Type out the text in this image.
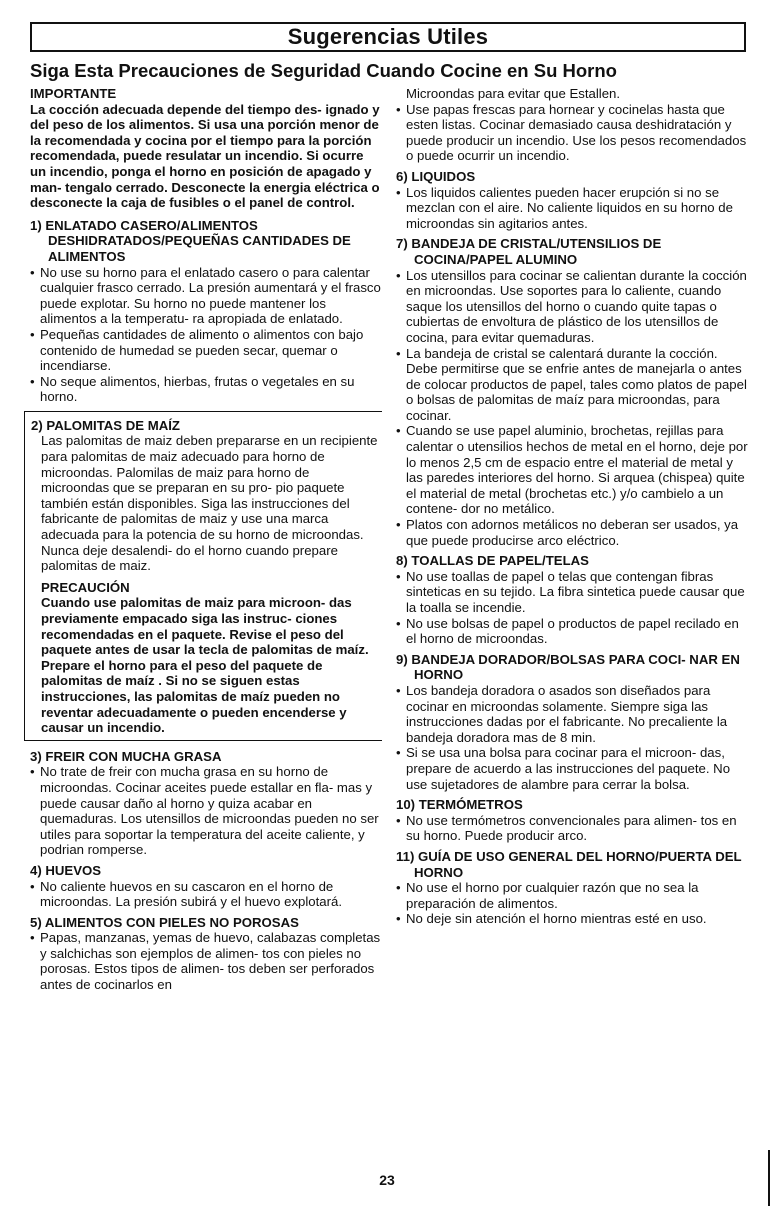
Sugerencias Utiles
Siga Esta Precauciones de Seguridad Cuando Cocine en Su Horno

IMPORTANTE

La cocción adecuada depende del tiempo des- ignado y del peso de los alimentos. Si usa una porción menor de la recomendada y cocina por el tiempo para la porción recomendada, puede resulatar un incendio. Si ocurre un incendio, ponga el horno en posición de apagado y man- tengalo cerrado. Desconecte la energia eléctrica o desconecte la caja de fusibles o el panel de control.

1) ENLATADO CASERO/ALIMENTOS DESHIDRATADOS/PEQUEÑAS CANTIDADES DE ALIMENTOS

• No use su horno para el enlatado casero o para calentar cualquier frasco cerrado. La presión aumentará y el frasco puede explotar. Su horno no puede mantener los alimentos a la temperatu- ra apropiada de enlatado.
• Pequeñas cantidades de alimento o alimentos con bajo contenido de humedad se pueden secar, quemar o incendiarse.
• No seque alimentos, hierbas, frutas o vegetales en su horno.

2) PALOMITAS DE MAÍZ

Las palomitas de maiz deben prepararse en un recipiente para palomitas de maiz adecuado para horno de microondas. Palomilas de maiz para horno de microondas que se preparan en su pro- pio paquete también están disponibles. Siga las instrucciones del fabricante de palomitas de maiz y use una marca adecuada para la potencia de su horno de microondas. Nunca deje desalendi- do el horno cuando prepare palomitas de maiz.

PRECAUCIÓN

Cuando use palomitas de maiz para microon- das previamente empacado siga las instruc- ciones recomendadas en el paquete. Revise el peso del paquete antes de usar la tecla de palomitas de maíz. Prepare el horno para el peso del paquete de palomitas de maíz . Si no se siguen estas instrucciones, las palomitas de maíz pueden no reventar adecuadamente o pueden encenderse y causar un incendio.

3) FREIR CON MUCHA GRASA

• No trate de freir con mucha grasa en su horno de microondas. Cocinar aceites puede estallar en fla- mas y puede causar daño al horno y quiza acabar en quemaduras. Los utensillos de microondas pueden no ser utiles para soportar la temperatura del aceite caliente, y podrian romperse.

4) HUEVOS

• No caliente huevos en su cascaron en el horno de microondas. La presión subirá y el huevo explotará.

5) ALIMENTOS CON PIELES NO POROSAS

• Papas, manzanas, yemas de huevo, calabazas completas y salchichas son ejemplos de alimen- tos con pieles no porosas. Estos tipos de alimen- tos deben ser perforados antes de cocinarlos en

Microondas para evitar que Estallen.

• Use papas frescas para hornear y cocinelas hasta que esten listas. Cocinar demasiado causa deshidratación y puede producir un incendio. Use los pesos recomendados o puede ocurrir un incendio.

6) LIQUIDOS

• Los liquidos calientes pueden hacer erupción si no se mezclan con el aire. No caliente liquidos en su horno de microondas sin agitarios antes.

7) BANDEJA DE CRISTAL/UTENSILIOS DE COCINA/PAPEL ALUMINO

• Los utensillos para cocinar se calientan durante la cocción en microondas. Use soportes para lo caliente, cuando saque los utensillos del horno o cuando quite tapas o cubiertas de envoltura de plástico de los utensillos de cocina, para evitar quemaduras.
• La bandeja de cristal se calentará durante la cocción. Debe permitirse que se enfrie antes de manejarla o antes de colocar productos de papel, tales como platos de papel o bolsas de palomitas de maíz para microondas, para cocinar.
• Cuando se use papel aluminio, brochetas, rejillas para calentar o utensilios hechos de metal en el horno, deje por lo menos 2,5 cm de espacio entre el material de metal y las paredes interiores del horno. Si arquea (chispea) quite el material de metal (brochetas etc.) y/o cambielo a un contene- dor no metálico.
• Platos con adornos metálicos no deberan ser usados, ya que puede producirse arco eléctrico.

8) TOALLAS DE PAPEL/TELAS

• No use toallas de papel o telas que contengan fibras sinteticas en su tejido. La fibra sintetica puede causar que la toalla se incendie.
• No use bolsas de papel o productos de papel recilado en el horno de microondas.

9) BANDEJA DORADOR/BOLSAS PARA COCI- NAR EN HORNO

• Los bandeja doradora o asados son diseñados para cocinar en microondas solamente. Siempre siga las instrucciones dadas por el fabricante. No precaliente la bandeja doradora mas de 8 min.
• Si se usa una bolsa para cocinar para el microon- das, prepare de acuerdo a las instrucciones del paquete. No use sujetadores de alambre para cerrar la bolsa.

10) TERMÓMETROS

• No use termómetros convencionales para alimen- tos en su horno. Puede producir arco.

11) GUÍA DE USO GENERAL DEL HORNO/PUERTA DEL HORNO

• No use el horno por cualquier razón que no sea la preparación de alimentos.
• No deje sin atención el horno mientras esté en uso.
23
